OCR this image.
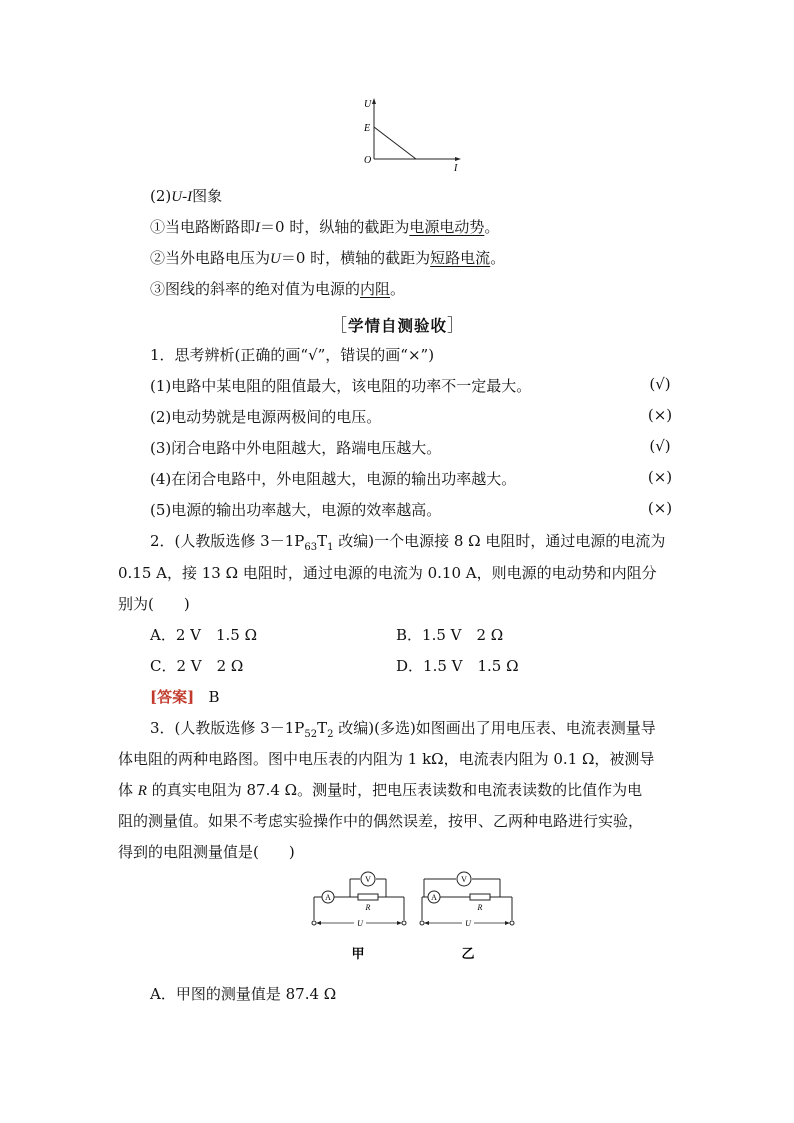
U
E
O
I
(2)U-I图象
①当电路断路即I＝0 时，纵轴的截距为电源电动势。
②当外电路电压为U＝0 时，横轴的截距为短路电流。
③图线的斜率的绝对值为电源的内阻。
［学情自测验收］
1．思考辨析(正确的画“√”，错误的画“×”)
(1)电路中某电阻的阻值最大，该电阻的功率不一定最大。	(√)
(2)电动势就是电源两极间的电压。	(×)
(3)闭合电路中外电阻越大，路端电压越大。	(√)
(4)在闭合电路中，外电阻越大，电源的输出功率越大。	(×)
(5)电源的输出功率越大，电源的效率越高。	(×)
2．(人教版选修 $3-1P_{63}T_1$ 改编)一个电源接 8 Ω 电阻时，通过电源的电流为
0.15 A，接 13 Ω 电阻时，通过电源的电流为 0.10 A，则电源的电动势和内阻分
别为(　　)
A．2 V　1.5 Ω	B．1.5 V　2 Ω
C．2 V　2 Ω	D．1.5 V　1.5 Ω
[答案] B
3．(人教版选修 $3-1P_{52}T_2$ 改编)(多选)如图画出了用电压表、电流表测量导
体电阻的两种电路图。图中电压表的内阻为 1 kΩ，电流表内阻为 0.1 Ω，被测导
体 R 的真实电阻为 87.4 Ω。测量时，把电压表读数和电流表读数的比值作为电
阻的测量值。如果不考虑实验操作中的偶然误差，按甲、乙两种电路进行实验，
得到的电阻测量值是(　　)
A
V
R
U
甲
A
V
R
U
乙
A．甲图的测量值是 87.4 Ω
